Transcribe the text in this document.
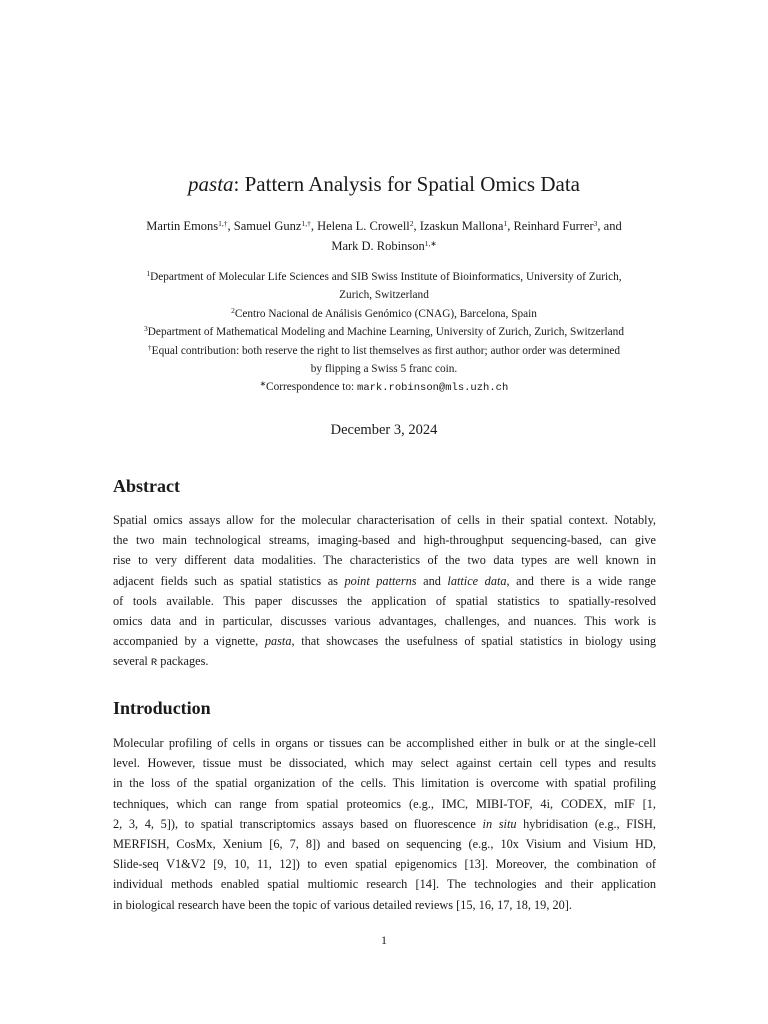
pasta: Pattern Analysis for Spatial Omics Data
Martin Emons$^{1,\dagger}$, Samuel Gunz$^{1,\dagger}$, Helena L. Crowell$^2$, Izaskun Mallona$^1$, Reinhard Furrer$^3$, and
Mark D. Robinson$^{1,∗}$
$^1$Department of Molecular Life Sciences and SIB Swiss Institute of Bioinformatics, University of Zurich,
Zurich, Switzerland
$^2$Centro Nacional de Análisis Genómico (CNAG), Barcelona, Spain
$^3$Department of Mathematical Modeling and Machine Learning, University of Zurich, Zurich, Switzerland
†Equal contribution: both reserve the right to list themselves as first author; author order was determined
by flipping a Swiss 5 franc coin.
∗Correspondence to: mark.robinson@mls.uzh.ch
December 3, 2024
Abstract
Spatial omics assays allow for the molecular characterisation of cells in their spatial context. Notably,
the two main technological streams, imaging-based and high-throughput sequencing-based, can give
rise to very different data modalities. The characteristics of the two data types are well known in
adjacent fields such as spatial statistics as point patterns and lattice data, and there is a wide range
of tools available. This paper discusses the application of spatial statistics to spatially-resolved
omics data and in particular, discusses various advantages, challenges, and nuances. This work is
accompanied by a vignette, pasta, that showcases the usefulness of spatial statistics in biology using
several R packages.
Introduction
Molecular profiling of cells in organs or tissues can be accomplished either in bulk or at the single-cell
level. However, tissue must be dissociated, which may select against certain cell types and results
in the loss of the spatial organization of the cells. This limitation is overcome with spatial profiling
techniques, which can range from spatial proteomics (e.g., IMC, MIBI-TOF, 4i, CODEX, mIF [1,
2, 3, 4, 5]), to spatial transcriptomics assays based on fluorescence in situ hybridisation (e.g., FISH,
MERFISH, CosMx, Xenium [6, 7, 8]) and based on sequencing (e.g., 10x Visium and Visium HD,
Slide-seq V1&V2 [9, 10, 11, 12]) to even spatial epigenomics [13]. Moreover, the combination of
individual methods enabled spatial multiomic research [14]. The technologies and their application
in biological research have been the topic of various detailed reviews [15, 16, 17, 18, 19, 20].
1
